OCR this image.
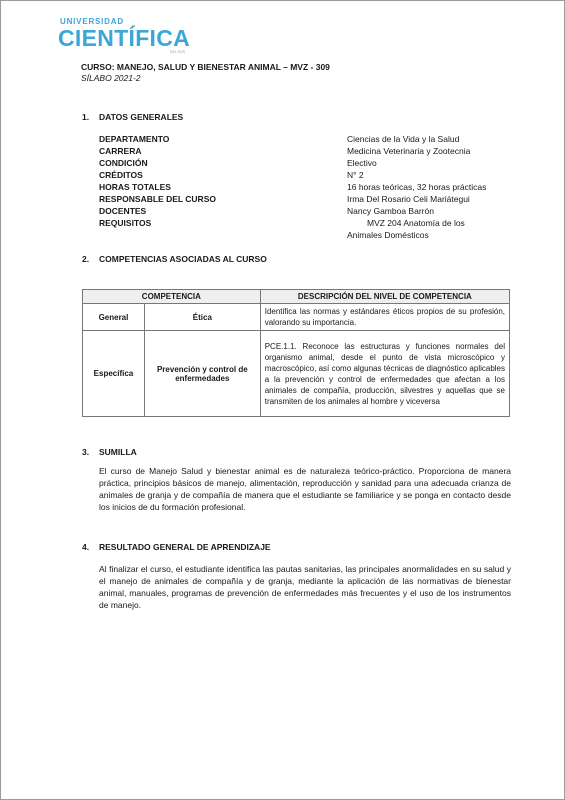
UNIVERSIDAD
CIENTÍFICA
DEL SUR
CURSO: MANEJO, SALUD Y BIENESTAR ANIMAL – MVZ - 309
SÍLABO 2021-2
1. DATOS GENERALES
DEPARTAMENTO	Ciencias de la Vida y la Salud
CARRERA	Medicina Veterinaria y Zootecnia
CONDICIÓN	Electivo
CRÉDITOS	N° 2
HORAS TOTALES	16 horas teóricas, 32 horas prácticas
RESPONSABLE DEL CURSO	Irma Del Rosario Celi Mariátegui
DOCENTES	Nancy Gamboa Barrón
REQUISITOS	MVZ 204 Anatomía de los
Animales Domésticos
2. COMPETENCIAS ASOCIADAS AL CURSO
COMPETENCIA		DESCRIPCIÓN DEL NIVEL DE COMPETENCIA
General	Ética	Identifica las normas y estándares éticos propios de su profesión, valorando su importancia.
Específica	Prevención y control de enfermedades	PCE.1.1. Reconoce las estructuras y funciones normales del organismo animal, desde el punto de vista microscópico y macroscópico, así como algunas técnicas de diagnóstico aplicables a la prevención y control de enfermedades que afectan a los animales de compañía, producción, silvestres y aquellas que se transmiten de los animales al hombre y viceversa
3. SUMILLA
El curso de Manejo Salud y bienestar animal es de naturaleza teórico-práctico. Proporciona de manera práctica, principios básicos de manejo, alimentación, reproducción y sanidad para una adecuada crianza de animales de granja y de compañía de manera que el estudiante se familiarice y se ponga en contacto desde los inicios de du formación profesional.
4. RESULTADO GENERAL DE APRENDIZAJE
Al finalizar el curso, el estudiante identifica las pautas sanitarias, las principales anormalidades en su salud y el manejo de animales de compañía y de granja, mediante la aplicación de las normativas de bienestar animal, manuales, programas de prevención de enfermedades más frecuentes y el uso de los instrumentos de manejo.
